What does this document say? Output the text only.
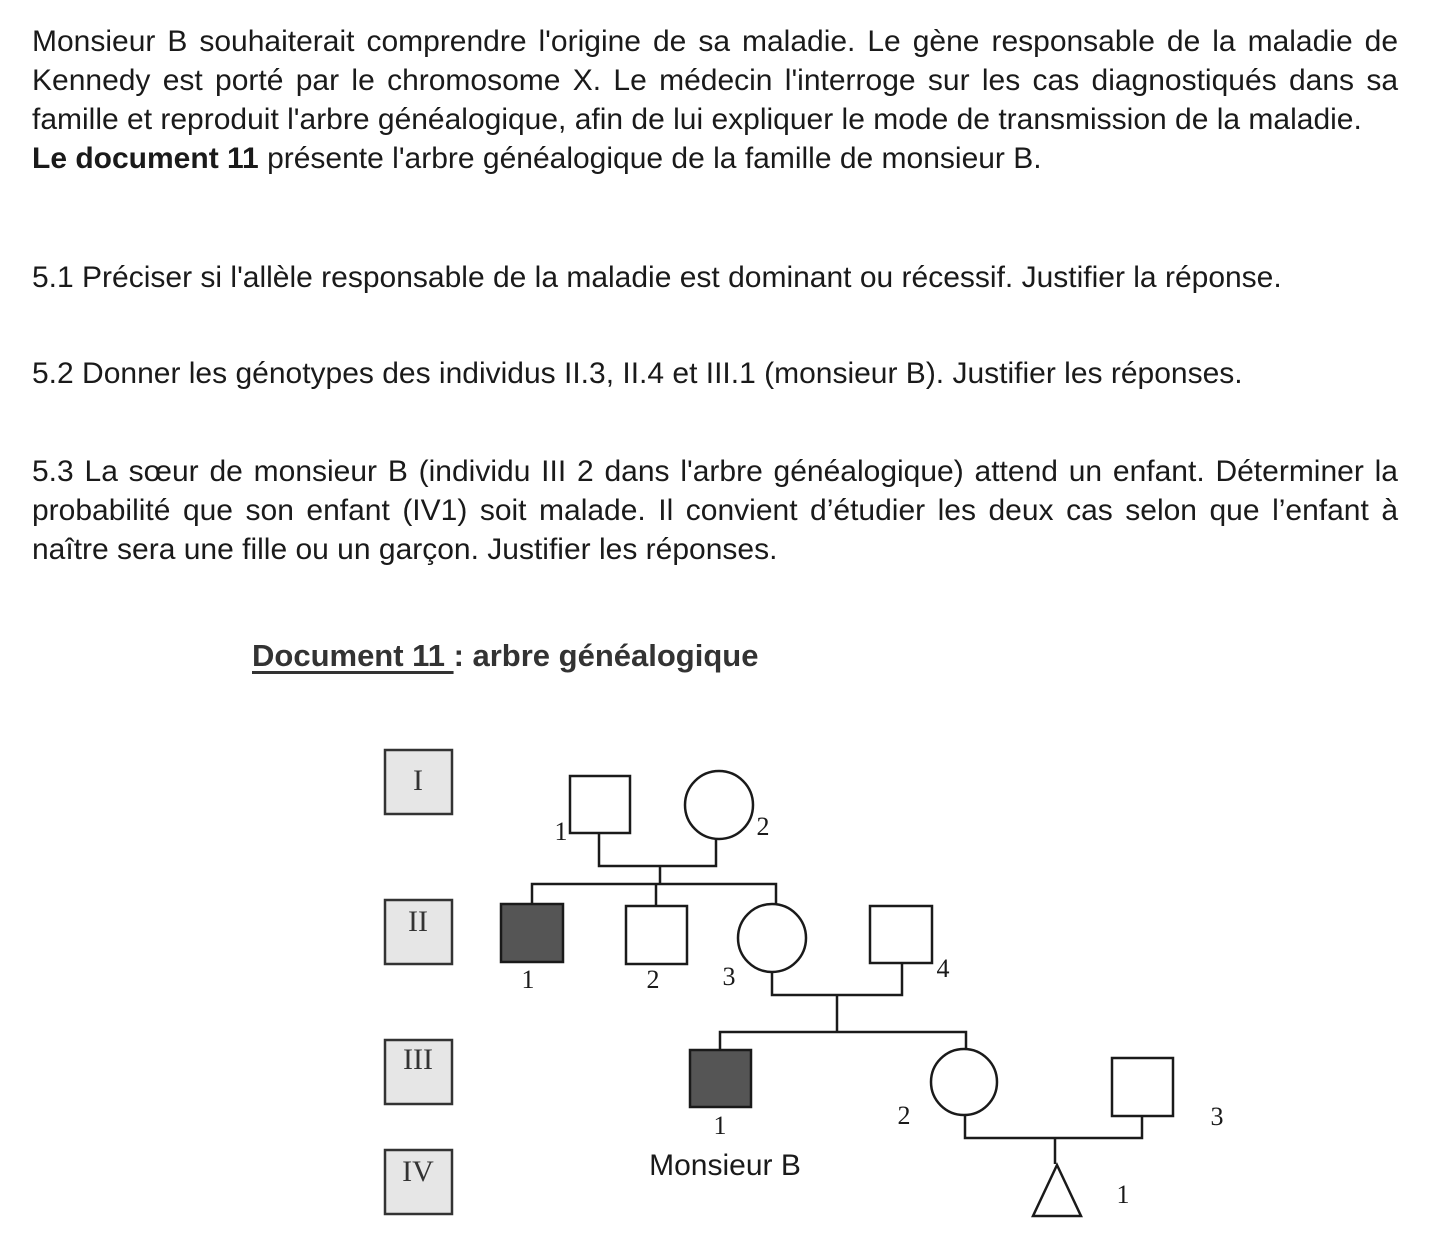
Monsieur B souhaiterait comprendre l'origine de sa maladie. Le gène responsable de la maladie de Kennedy est porté par le chromosome X. Le médecin l'interroge sur les cas diagnostiqués dans sa famille et reproduit l'arbre généalogique, afin de lui expliquer le mode de transmission de la maladie.

Le document 11 présente l'arbre généalogique de la famille de monsieur B.

5.1 Préciser si l'allèle responsable de la maladie est dominant ou récessif. Justifier la réponse.

5.2 Donner les génotypes des individus II.3, II.4 et III.1 (monsieur B). Justifier les réponses.

5.3 La sœur de monsieur B (individu III 2 dans l'arbre généalogique) attend un enfant. Déterminer la probabilité que son enfant (IV1) soit malade. Il convient d’étudier les deux cas selon que l’enfant à naître sera une fille ou un garçon. Justifier les réponses.

Document 11 : arbre généalogique
I
II
III
IV
1	2
1	2 3	4
1
Monsieur B
2	3
1
